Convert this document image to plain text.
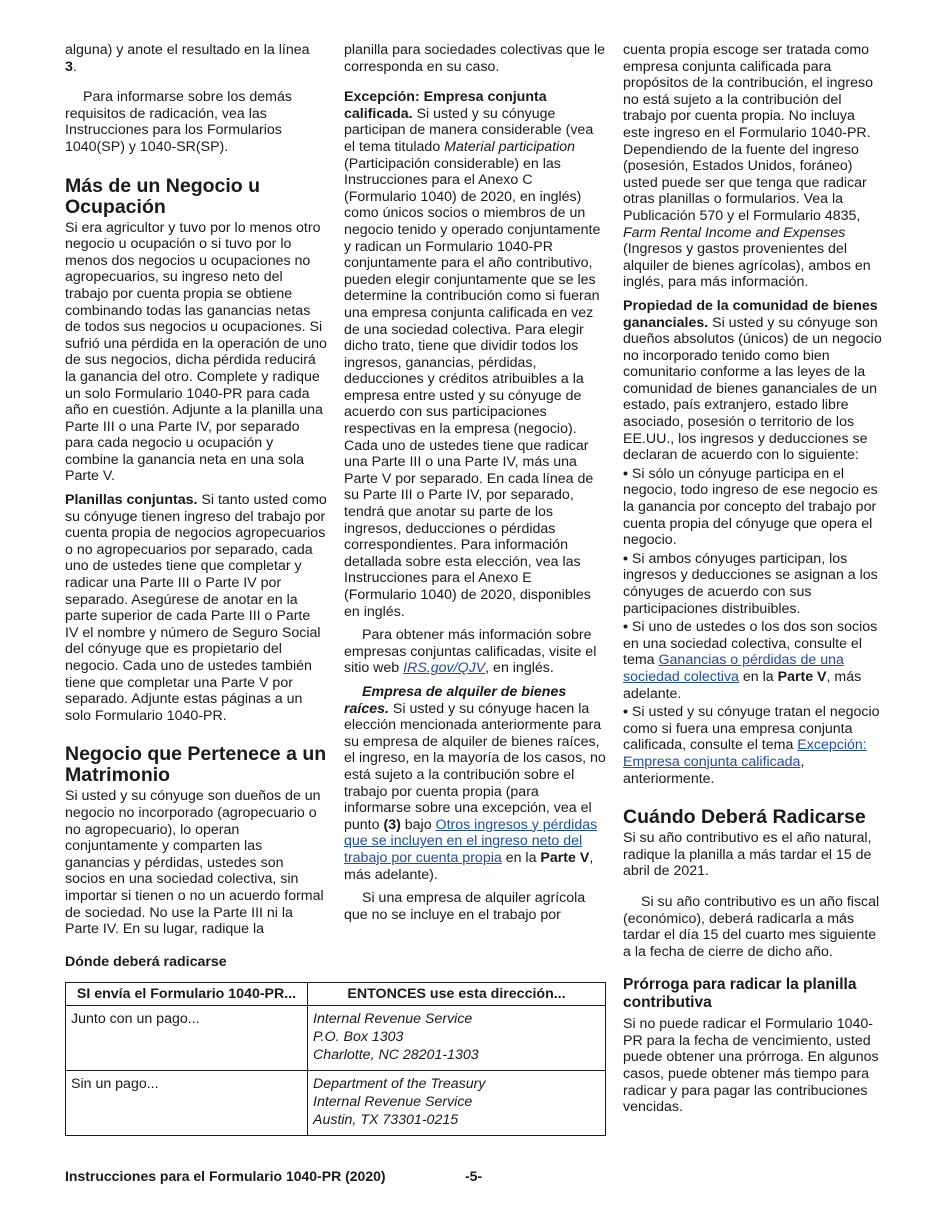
alguna) y anote el resultado en la línea
3.

Para informarse sobre los demás requisitos de radicación, vea las Instrucciones para los Formularios 1040(SP) y 1040-SR(SP).

Más de un Negocio u Ocupación

Si era agricultor y tuvo por lo menos otro negocio u ocupación o si tuvo por lo menos dos negocios u ocupaciones no agropecuarios, su ingreso neto del trabajo por cuenta propia se obtiene combinando todas las ganancias netas de todos sus negocios u ocupaciones. Si sufrió una pérdida en la operación de uno de sus negocios, dicha pérdida reducirá la ganancia del otro. Complete y radique un solo Formulario 1040-PR para cada año en cuestión. Adjunte a la planilla una Parte III o una Parte IV, por separado para cada negocio u ocupación y combine la ganancia neta en una sola Parte V.

Planillas conjuntas. Si tanto usted como su cónyuge tienen ingreso del trabajo por cuenta propia de negocios agropecuarios o no agropecuarios por separado, cada uno de ustedes tiene que completar y radicar una Parte III o Parte IV por separado. Asegúrese de anotar en la parte superior de cada Parte III o Parte IV el nombre y número de Seguro Social del cónyuge que es propietario del negocio. Cada uno de ustedes también tiene que completar una Parte V por separado. Adjunte estas páginas a un solo Formulario 1040-PR.

Negocio que Pertenece a un Matrimonio

Si usted y su cónyuge son dueños de un negocio no incorporado (agropecuario o no agropecuario), lo operan conjuntamente y comparten las ganancias y pérdidas, ustedes son socios en una sociedad colectiva, sin importar si tienen o no un acuerdo formal de sociedad. No use la Parte III ni la Parte IV. En su lugar, radique la

planilla para sociedades colectivas que le corresponda en su caso.

Excepción: Empresa conjunta calificada. Si usted y su cónyuge participan de manera considerable (vea el tema titulado Material participation (Participación considerable) en las Instrucciones para el Anexo C (Formulario 1040) de 2020, en inglés) como únicos socios o miembros de un negocio tenido y operado conjuntamente y radican un Formulario 1040-PR conjuntamente para el año contributivo, pueden elegir conjuntamente que se les determine la contribución como si fueran una empresa conjunta calificada en vez de una sociedad colectiva. Para elegir dicho trato, tiene que dividir todos los ingresos, ganancias, pérdidas, deducciones y créditos atribuibles a la empresa entre usted y su cónyuge de acuerdo con sus participaciones respectivas en la empresa (negocio). Cada uno de ustedes tiene que radicar una Parte III o una Parte IV, más una Parte V por separado. En cada línea de su Parte III o Parte IV, por separado, tendrá que anotar su parte de los ingresos, deducciones o pérdidas correspondientes. Para información detallada sobre esta elección, vea las Instrucciones para el Anexo E (Formulario 1040) de 2020, disponibles en inglés.

Para obtener más información sobre empresas conjuntas calificadas, visite el sitio web IRS.gov/QJV, en inglés.

Empresa de alquiler de bienes raíces. Si usted y su cónyuge hacen la elección mencionada anteriormente para su empresa de alquiler de bienes raíces, el ingreso, en la mayoría de los casos, no está sujeto a la contribución sobre el trabajo por cuenta propia (para informarse sobre una excepción, vea el punto (3) bajo Otros ingresos y pérdidas que se incluyen en el ingreso neto del trabajo por cuenta propia en la Parte V, más adelante).

Si una empresa de alquiler agrícola que no se incluye en el trabajo por

cuenta propia escoge ser tratada como empresa conjunta calificada para propósitos de la contribución, el ingreso no está sujeto a la contribución del trabajo por cuenta propia. No incluya este ingreso en el Formulario 1040-PR. Dependiendo de la fuente del ingreso (posesión, Estados Unidos, foráneo) usted puede ser que tenga que radicar otras planillas o formularios. Vea la Publicación 570 y el Formulario 4835, Farm Rental Income and Expenses (Ingresos y gastos provenientes del alquiler de bienes agrícolas), ambos en inglés, para más información.

Propiedad de la comunidad de bienes gananciales. Si usted y su cónyuge son dueños absolutos (únicos) de un negocio no incorporado tenido como bien comunitario conforme a las leyes de la comunidad de bienes gananciales de un estado, país extranjero, estado libre asociado, posesión o territorio de los EE.UU., los ingresos y deducciones se declaran de acuerdo con lo siguiente:

• Si sólo un cónyuge participa en el negocio, todo ingreso de ese negocio es la ganancia por concepto del trabajo por cuenta propia del cónyuge que opera el negocio.

• Si ambos cónyuges participan, los ingresos y deducciones se asignan a los cónyuges de acuerdo con sus participaciones distribuibles.

• Si uno de ustedes o los dos son socios en una sociedad colectiva, consulte el tema Ganancias o pérdidas de una sociedad colectiva en la Parte V, más adelante.

• Si usted y su cónyuge tratan el negocio como si fuera una empresa conjunta calificada, consulte el tema Excepción: Empresa conjunta calificada, anteriormente.

Cuándo Deberá Radicarse

Si su año contributivo es el año natural, radique la planilla a más tardar el 15 de abril de 2021.

Si su año contributivo es un año fiscal (económico), deberá radicarla a más tardar el día 15 del cuarto mes siguiente a la fecha de cierre de dicho año.

Prórroga para radicar la planilla contributiva

Si no puede radicar el Formulario 1040-PR para la fecha de vencimiento, usted puede obtener una prórroga. En algunos casos, puede obtener más tiempo para radicar y para pagar las contribuciones vencidas.

Dónde deberá radicarse
SI envía el Formulario 1040-PR...	ENTONCES use esta dirección...
Junto con un pago...	Internal Revenue Service
P.O. Box 1303
Charlotte, NC 28201-1303

Sin un pago...	Department of the Treasury
Internal Revenue Service
Austin, TX 73301-0215
Instrucciones para el Formulario 1040-PR (2020)	-5-
